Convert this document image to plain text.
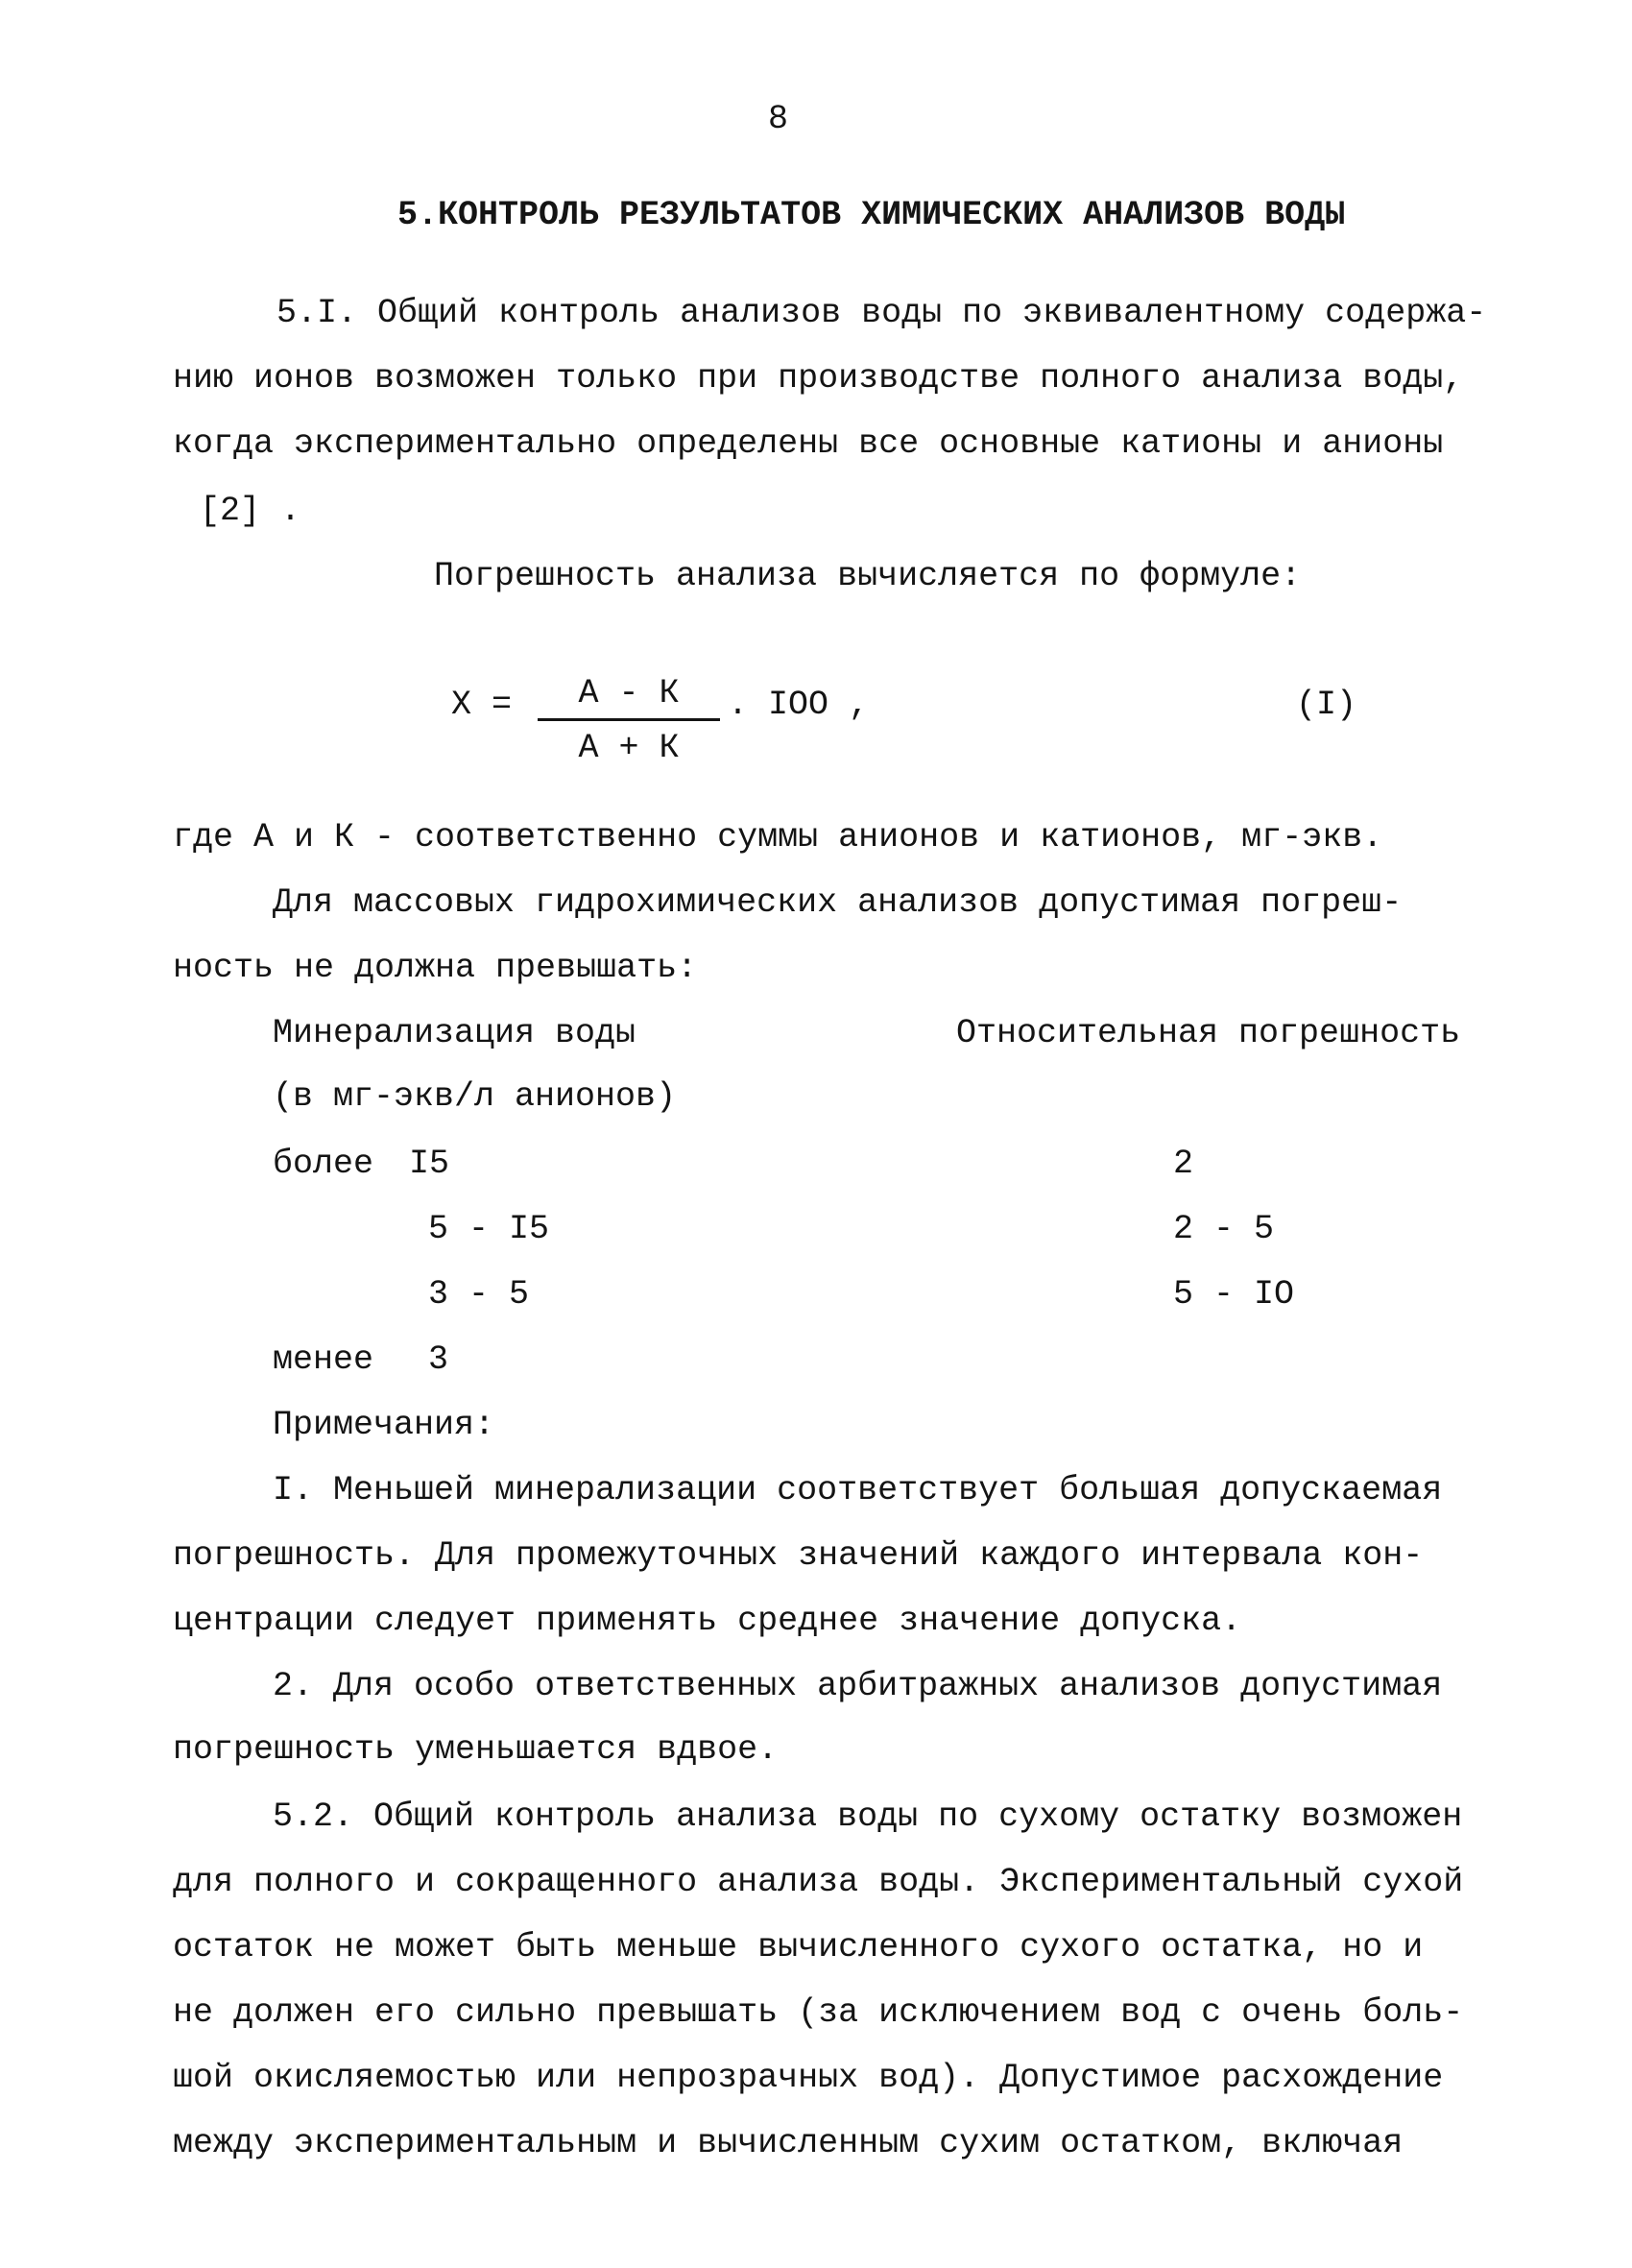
8
5.КОНТРОЛЬ РЕЗУЛЬТАТОВ ХИМИЧЕСКИХ АНАЛИЗОВ ВОДЫ
5.I. Общий контроль анализов воды по эквивалентному содержа-
нию ионов возможен только при производстве полного анализа воды,
когда экспериментально определены все основные катионы и анионы
[2] .
Погрешность анализа вычисляется по формуле:
X =	А - К
А + К
. IOO ,	(I)
где А и К - соответственно суммы анионов и катионов, мг-экв.
Для массовых гидрохимических анализов допустимая погреш-
ность не должна превышать:
Минерализация воды	Относительная погрешность
(в мг-экв/л анионов)
более I5	2
5 - I5	2 - 5
3 - 5	5 - IO
менее 3
Примечания:
I. Меньшей минерализации соответствует большая допускаемая
погрешность. Для промежуточных значений каждого интервала кон-
центрации следует применять среднее значение допуска.
2. Для особо ответственных арбитражных анализов допустимая
погрешность уменьшается вдвое.
5.2. Общий контроль анализа воды по сухому остатку возможен
для полного и сокращенного анализа воды. Экспериментальный сухой
остаток не может быть меньше вычисленного сухого остатка, но и
не должен его сильно превышать (за исключением вод с очень боль-
шой окисляемостью или непрозрачных вод). Допустимое расхождение
между экспериментальным и вычисленным сухим остатком, включая
